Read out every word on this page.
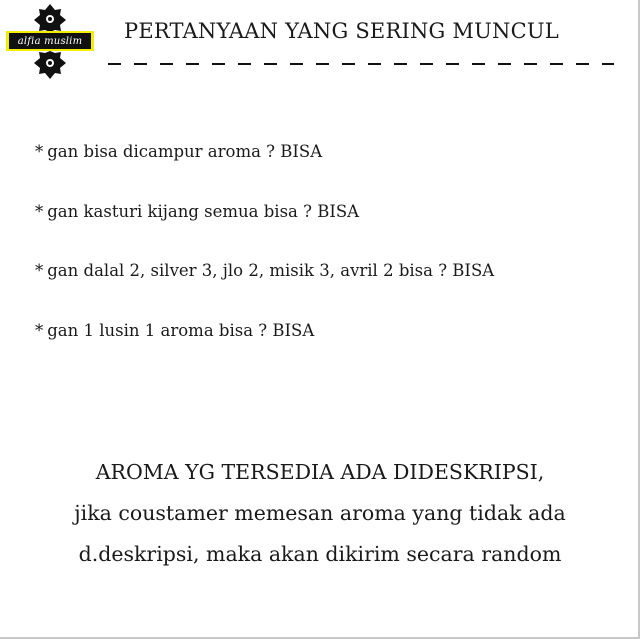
alfia muslim PERTANYAAN YANG SERING MUNCUL
* gan bisa dicampur aroma ? BISA
* gan kasturi kijang semua bisa ? BISA
* gan dalal 2, silver 3, jlo 2, misik 3, avril 2 bisa ? BISA
* gan 1 lusin 1 aroma bisa ? BISA
AROMA YG TERSEDIA ADA DIDESKRIPSI,
jika coustamer memesan aroma yang tidak ada
d.deskripsi, maka akan dikirim secara random
